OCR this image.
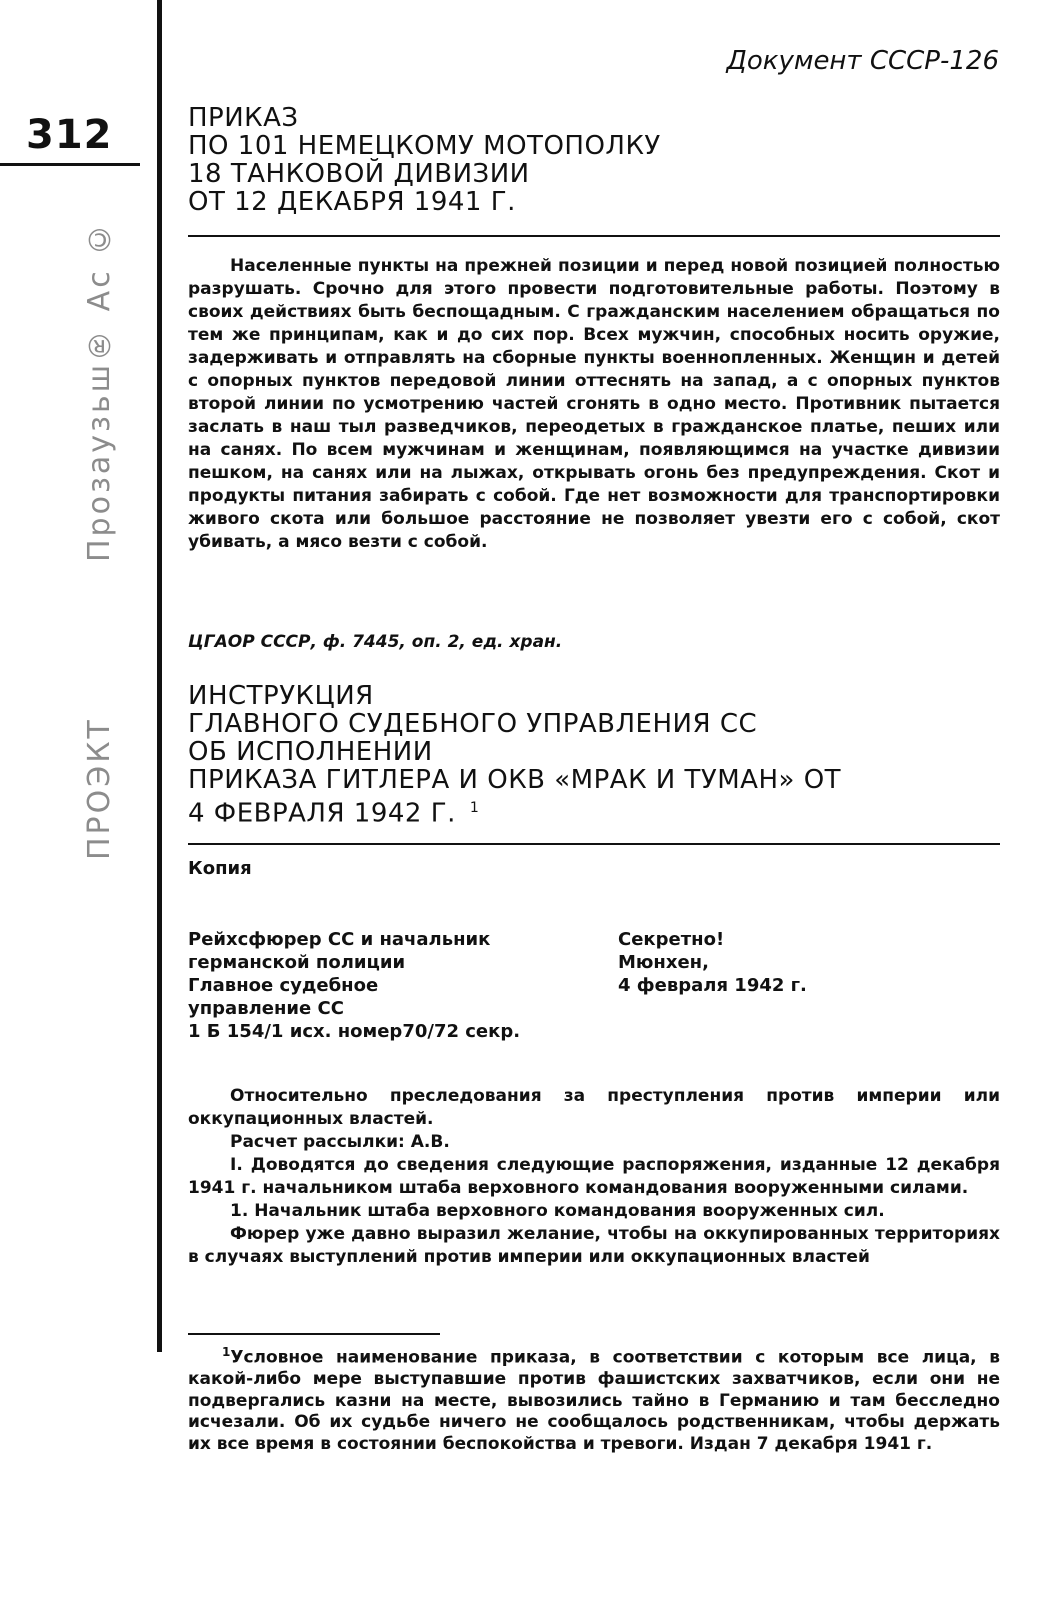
312
Прозаузьш® Ас ©
ПРОЭКТ
Документ СССР-126
ПРИКАЗ
ПО 101 НЕМЕЦКОМУ МОТОПОЛКУ
18 ТАНКОВОЙ ДИВИЗИИ
ОТ 12 ДЕКАБРЯ 1941 Г.

Населенные пункты на прежней позиции и перед новой позицией полностью разрушать. Срочно для этого провести подготовительные работы. Поэтому в своих действиях быть беспощадным. С гражданским населением обращаться по тем же принципам, как и до сих пор. Всех мужчин, способных носить оружие, задерживать и отправлять на сборные пункты военнопленных. Женщин и детей с опорных пунктов передовой линии оттеснять на запад, а с опорных пунктов второй линии по усмотрению частей сгонять в одно место. Противник пытается заслать в наш тыл разведчиков, переодетых в гражданское платье, пеших или на санях. По всем мужчинам и женщинам, появляющимся на участке дивизии пешком, на санях или на лыжах, открывать огонь без предупреждения. Скот и продукты питания забирать с собой. Где нет возможности для транспортировки живого скота или большое расстояние не позволяет увезти его с собой, скот убивать, а мясо везти с собой.

ЦГАОР СССР, ф. 7445, оп. 2, ед. хран.
ИНСТРУКЦИЯ
ГЛАВНОГО СУДЕБНОГО УПРАВЛЕНИЯ СС
ОБ ИСПОЛНЕНИИ
ПРИКАЗА ГИТЛЕРА И ОКВ «МРАК И ТУМАН» ОТ
4 ФЕВРАЛЯ 1942 Г. $^1$
Копия
Рейхсфюрер СС и начальник
германской полиции
Главное судебное
управление СС
1 Б 154/1 исх. номер70/72 секр.
Секретно!
Мюнхен,
4 февраля 1942 г.

Относительно преследования за преступления против империи или оккупационных властей.

Расчет рассылки: А.В.

I. Доводятся до сведения следующие распоряжения, изданные 12 декабря 1941 г. начальником штаба верховного командования вооруженными силами.

1. Начальник штаба верховного командования вооруженных сил.

Фюрер уже давно выразил желание, чтобы на оккупированных территориях в случаях выступлений против империи или оккупационных властей

$^1$Условное наименование приказа, в соответствии с которым все лица, в какой-либо мере выступавшие против фашистских захватчиков, если они не подвергались казни на месте, вывозились тайно в Германию и там бесследно исчезали. Об их судьбе ничего не сообщалось родственникам, чтобы держать их все время в состоянии беспокойства и тревоги. Издан 7 декабря 1941 г.
